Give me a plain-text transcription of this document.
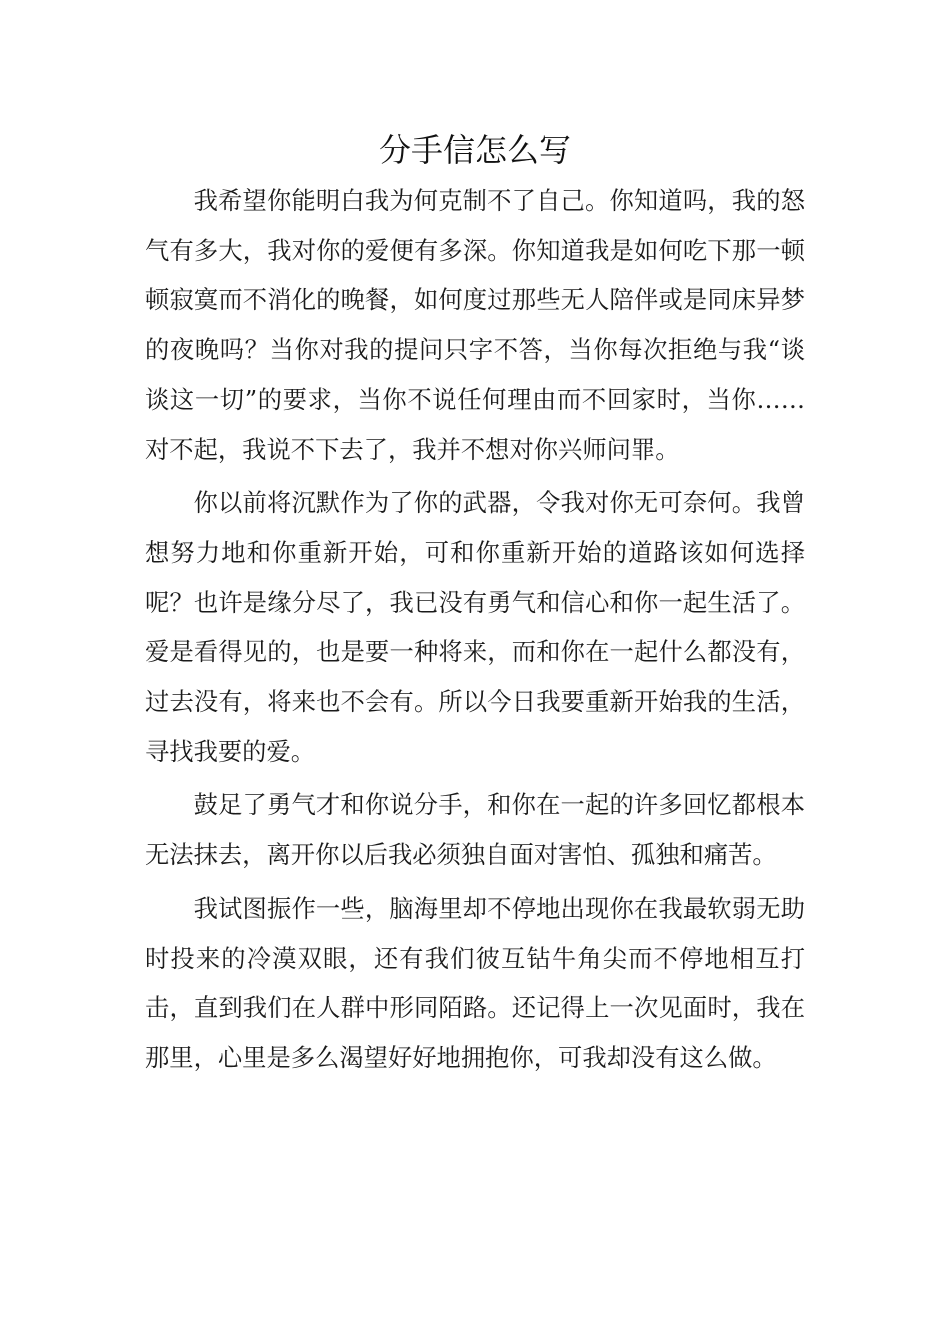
分手信怎么写

我希望你能明白我为何克制不了自己。你知道吗，我的怒气有多大，我对你的爱便有多深。你知道我是如何吃下那一顿顿寂寞而不消化的晚餐，如何度过那些无人陪伴或是同床异梦的夜晚吗？当你对我的提问只字不答，当你每次拒绝与我“谈谈这一切”的要求，当你不说任何理由而不回家时，当你……对不起，我说不下去了，我并不想对你兴师问罪。

你以前将沉默作为了你的武器，令我对你无可奈何。我曾想努力地和你重新开始，可和你重新开始的道路该如何选择呢？也许是缘分尽了，我已没有勇气和信心和你一起生活了。爱是看得见的，也是要一种将来，而和你在一起什么都没有，过去没有，将来也不会有。所以今日我要重新开始我的生活，寻找我要的爱。

鼓足了勇气才和你说分手，和你在一起的许多回忆都根本无法抹去，离开你以后我必须独自面对害怕、孤独和痛苦。

我试图振作一些，脑海里却不停地出现你在我最软弱无助时投来的冷漠双眼，还有我们彼互钻牛角尖而不停地相互打击，直到我们在人群中形同陌路。还记得上一次见面时，我在那里，心里是多么渴望好好地拥抱你，可我却没有这么做。
